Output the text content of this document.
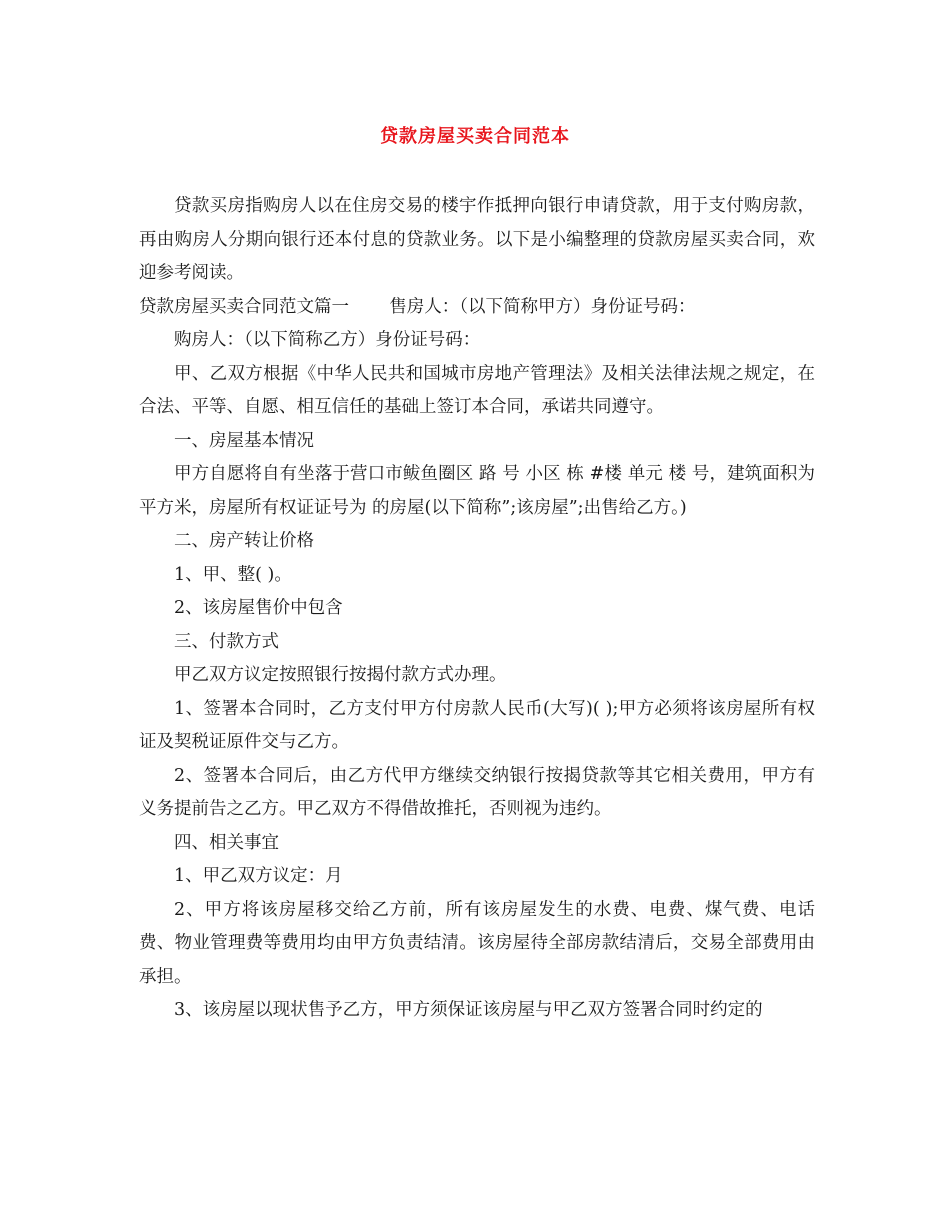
贷款房屋买卖合同范本

贷款买房指购房人以在住房交易的楼宇作抵押向银行申请贷款，用于支付购房款，再由购房人分期向银行还本付息的贷款业务。以下是小编整理的贷款房屋买卖合同，欢迎参考阅读。

贷款房屋买卖合同范文篇一 售房人：（以下简称甲方）身份证号码：

购房人：（以下简称乙方）身份证号码：

甲、乙双方根据《中华人民共和国城市房地产管理法》及相关法律法规之规定，在合法、平等、自愿、相互信任的基础上签订本合同，承诺共同遵守。

一、房屋基本情况

甲方自愿将自有坐落于营口市鲅鱼圈区 路 号 小区 栋 #楼 单元 楼 号，建筑面积为 平方米，房屋所有权证证号为 的房屋(以下简称”;该房屋”;出售给乙方。)

二、房产转让价格

1、甲、整( )。

2、该房屋售价中包含

三、付款方式

甲乙双方议定按照银行按揭付款方式办理。

1、签署本合同时，乙方支付甲方付房款人民币(大写)( );甲方必须将该房屋所有权证及契税证原件交与乙方。

2、签署本合同后，由乙方代甲方继续交纳银行按揭贷款等其它相关费用，甲方有义务提前告之乙方。甲乙双方不得借故推托，否则视为违约。

四、相关事宜

1、甲乙双方议定：月

2、甲方将该房屋移交给乙方前，所有该房屋发生的水费、电费、煤气费、电话费、物业管理费等费用均由甲方负责结清。该房屋待全部房款结清后，交易全部费用由 承担。

3、该房屋以现状售予乙方，甲方须保证该房屋与甲乙双方签署合同时约定的
